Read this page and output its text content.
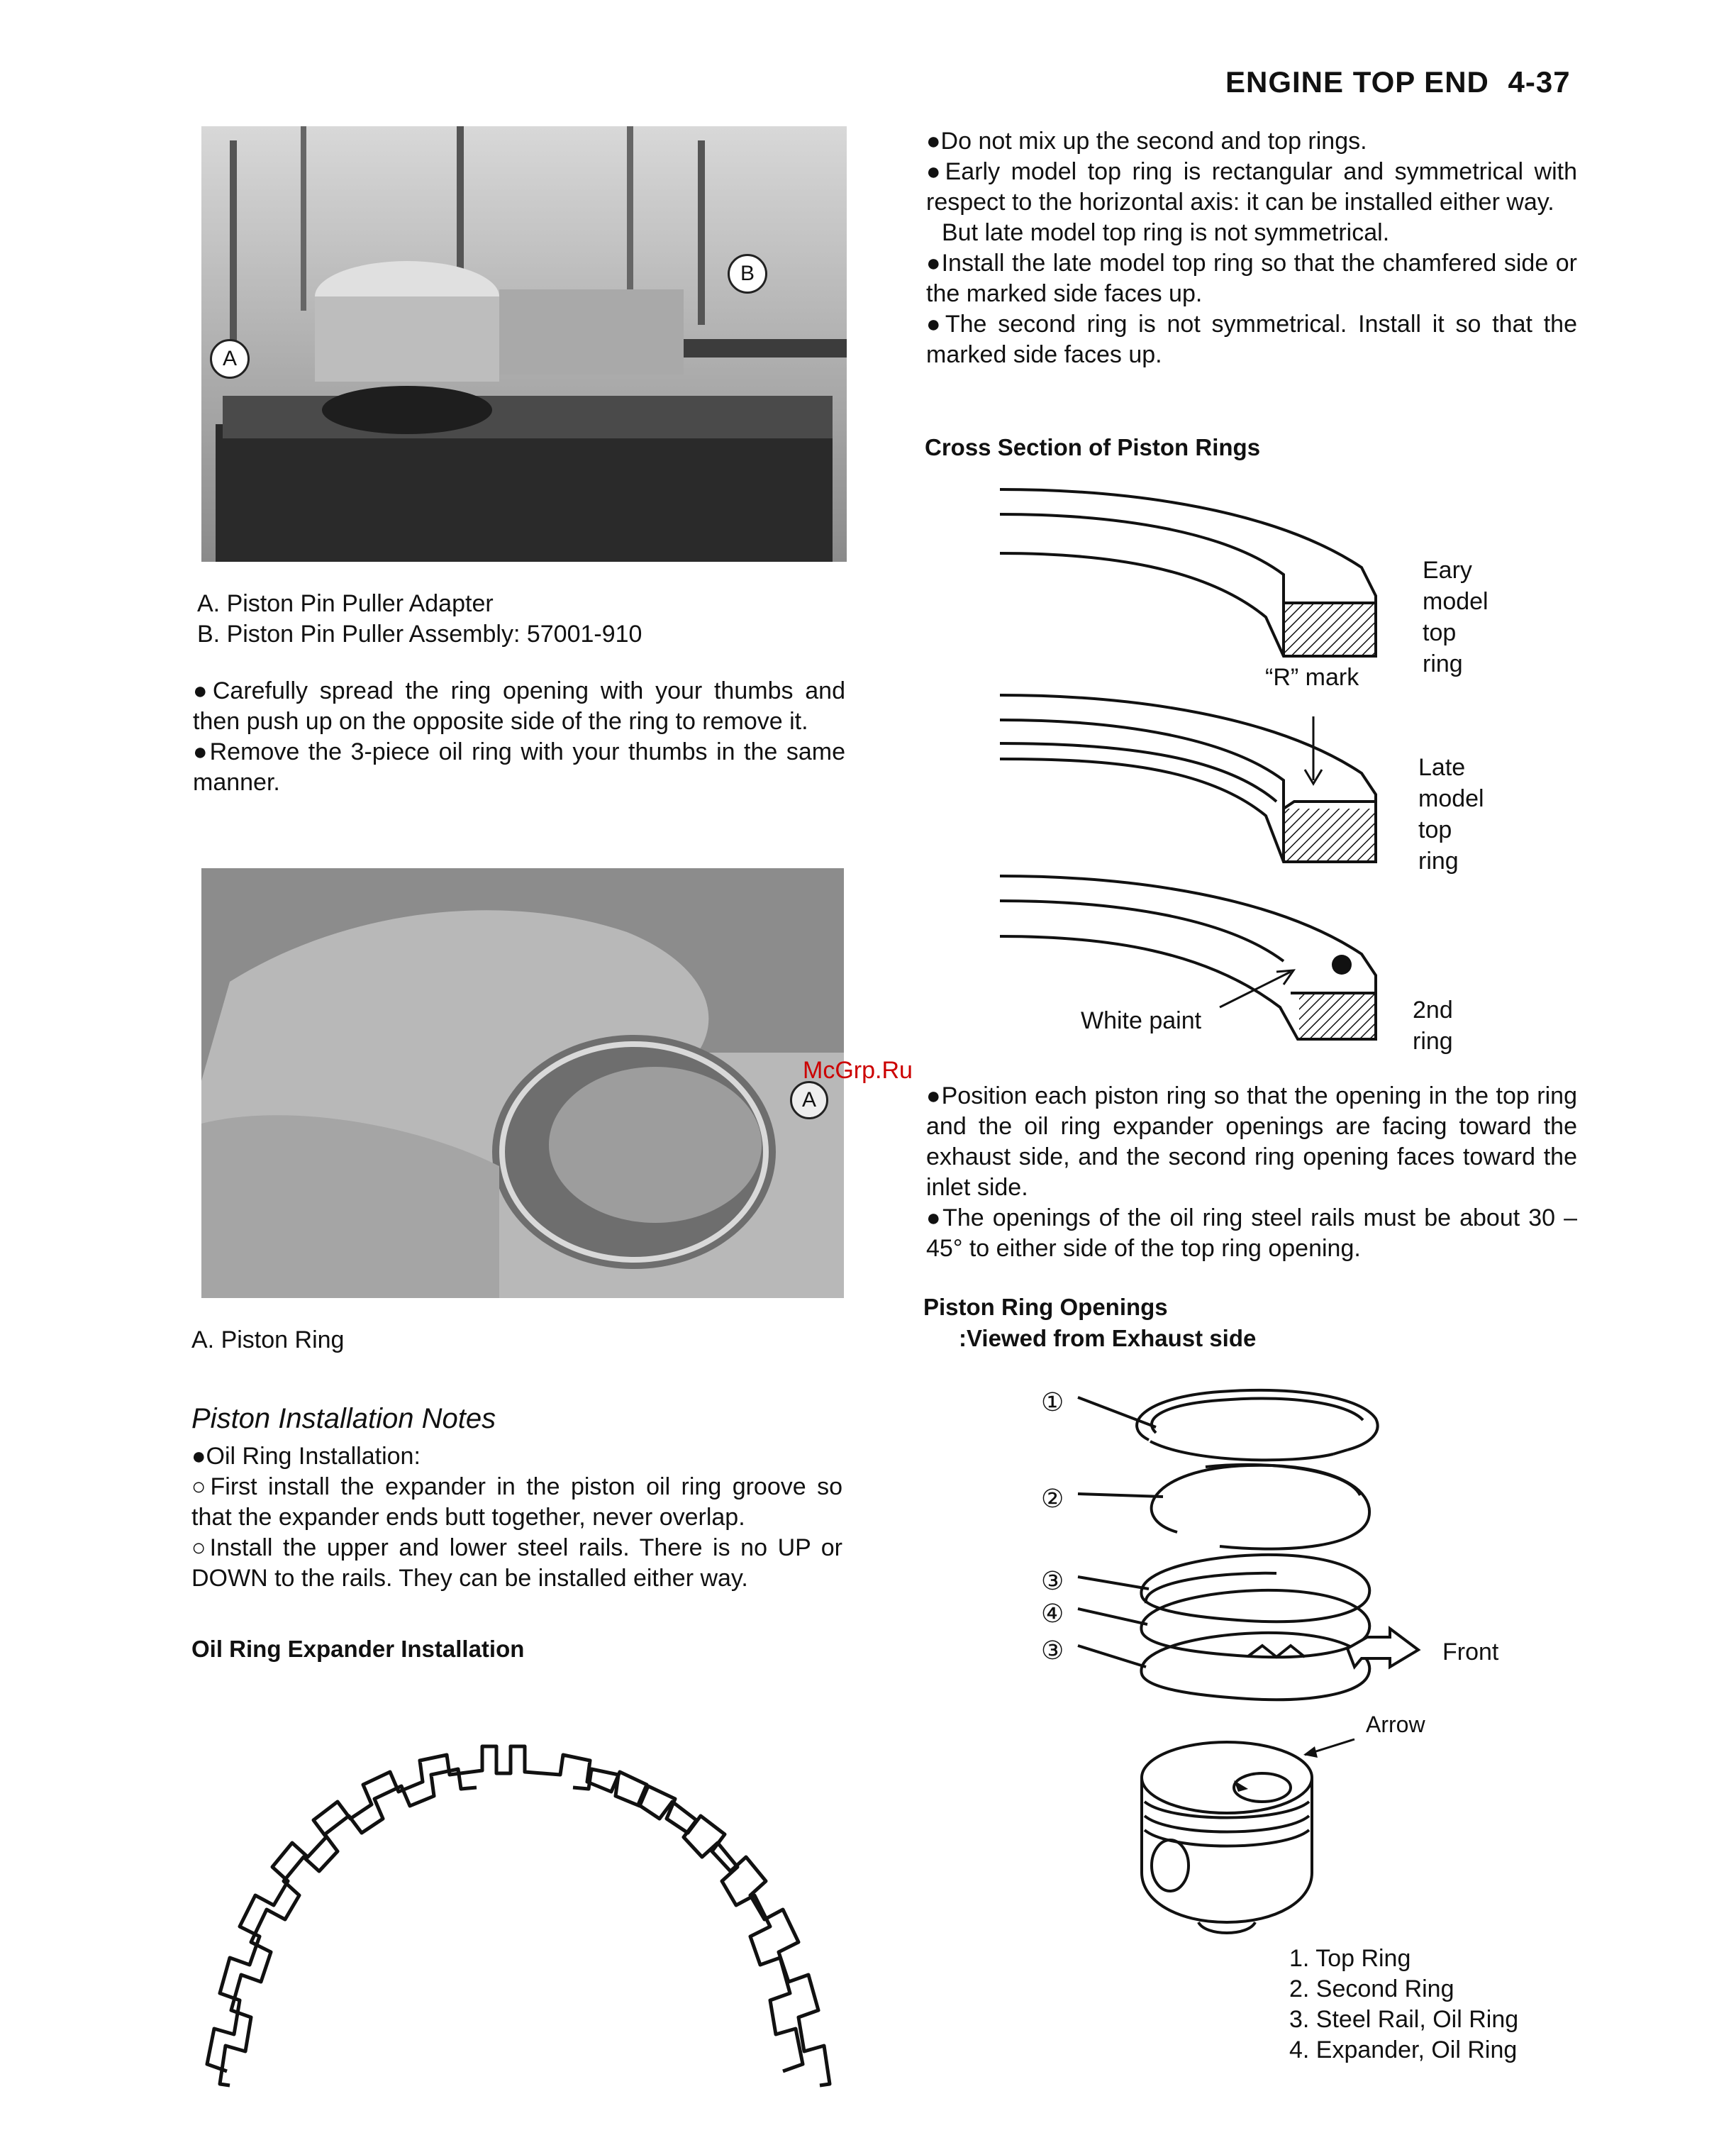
ENGINE TOP END 4-37
A
B
A. Piston Pin Puller Adapter
B. Piston Pin Puller Assembly: 57001-910
●Carefully spread the ring opening with your thumbs and then push up on the opposite side of the ring to remove it.
●Remove the 3-piece oil ring with your thumbs in the same manner.
A
McGrp.Ru
A. Piston Ring
Piston Installation Notes
●Oil Ring Installation:
○First install the expander in the piston oil ring groove so that the expander ends butt together, never overlap.
○Install the upper and lower steel rails. There is no UP or DOWN to the rails. They can be installed either way.
Oil Ring Expander Installation
●Do not mix up the second and top rings.
●Early model top ring is rectangular and symmetrical with respect to the horizontal axis: it can be installed either way.
But late model top ring is not symmetrical.
●Install the late model top ring so that the chamfered side or the marked side faces up.
●The second ring is not symmetrical. Install it so that the marked side faces up.
Cross Section of Piston Rings
Eary
model
top
ring
“R” mark
Late
model
top
ring
White paint	2nd
ring
●Position each piston ring so that the opening in the top ring and the oil ring expander openings are facing toward the exhaust side, and the second ring opening faces toward the inlet side.
●The openings of the oil ring steel rails must be about 30 – 45° to either side of the top ring opening.
Piston Ring Openings
:Viewed from Exhaust side
①
②
③
④
③	Front
Arrow
1. Top Ring
2. Second Ring
3. Steel Rail, Oil Ring
4. Expander, Oil Ring
